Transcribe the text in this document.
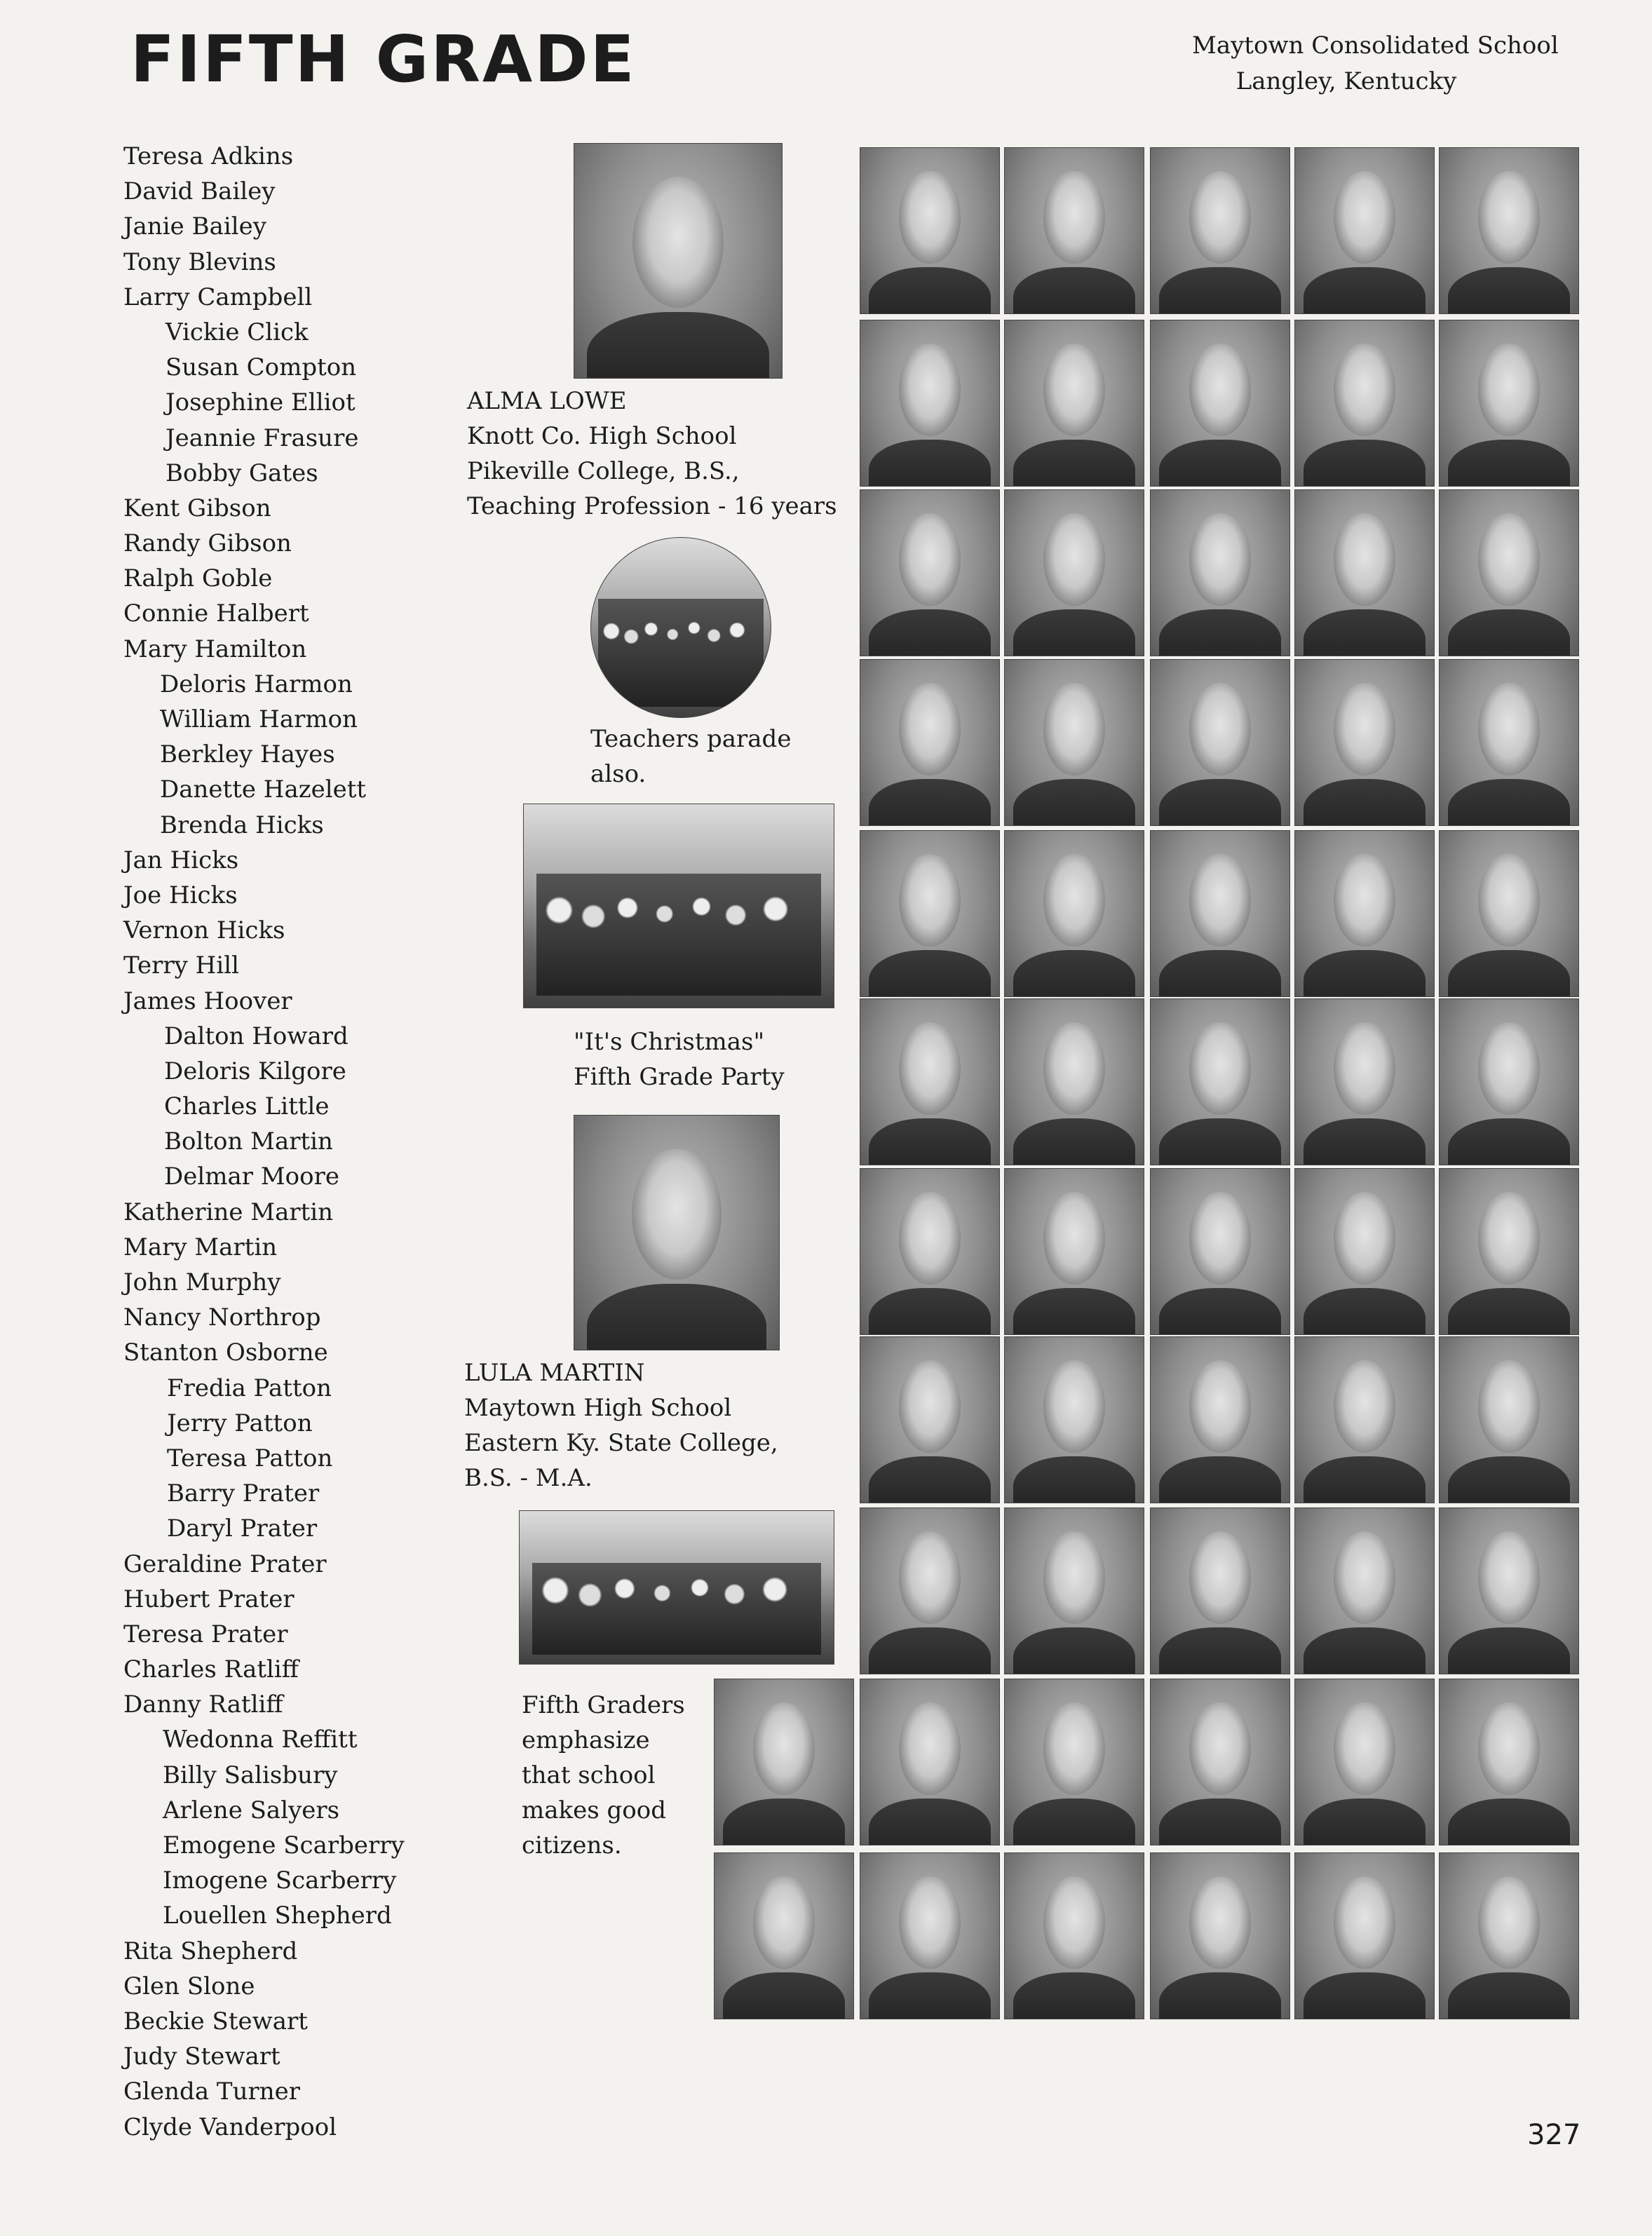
FIFTH GRADE	Maytown Consolidated School
Langley, Kentucky
Teresa Adkins
David Bailey
Janie Bailey
Tony Blevins
Larry Campbell
Vickie Click
Susan Compton
Josephine Elliot
Jeannie Frasure
Bobby Gates
Kent Gibson
Randy Gibson
Ralph Goble
Connie Halbert
Mary Hamilton
Deloris Harmon
William Harmon
Berkley Hayes
Danette Hazelett
Brenda Hicks
Jan Hicks
Joe Hicks
Vernon Hicks
Terry Hill
James Hoover
Dalton Howard
Deloris Kilgore
Charles Little
Bolton Martin
Delmar Moore
Katherine Martin
Mary Martin
John Murphy
Nancy Northrop
Stanton Osborne
Fredia Patton
Jerry Patton
Teresa Patton
Barry Prater
Daryl Prater
Geraldine Prater
Hubert Prater
Teresa Prater
Charles Ratliff
Danny Ratliff
Wedonna Reffitt
Billy Salisbury
Arlene Salyers
Emogene Scarberry
Imogene Scarberry
Louellen Shepherd
Rita Shepherd
Glen Slone
Beckie Stewart
Judy Stewart
Glenda Turner
Clyde Vanderpool
ALMA LOWE
Knott Co. High School
Pikeville College, B.S.,
Teaching Profession - 16 years
Teachers parade
also.
"It's Christmas"
Fifth Grade Party
LULA MARTIN
Maytown High School
Eastern Ky. State College,
B.S. - M.A.
Fifth Graders
emphasize
that school
makes good
citizens.
327
